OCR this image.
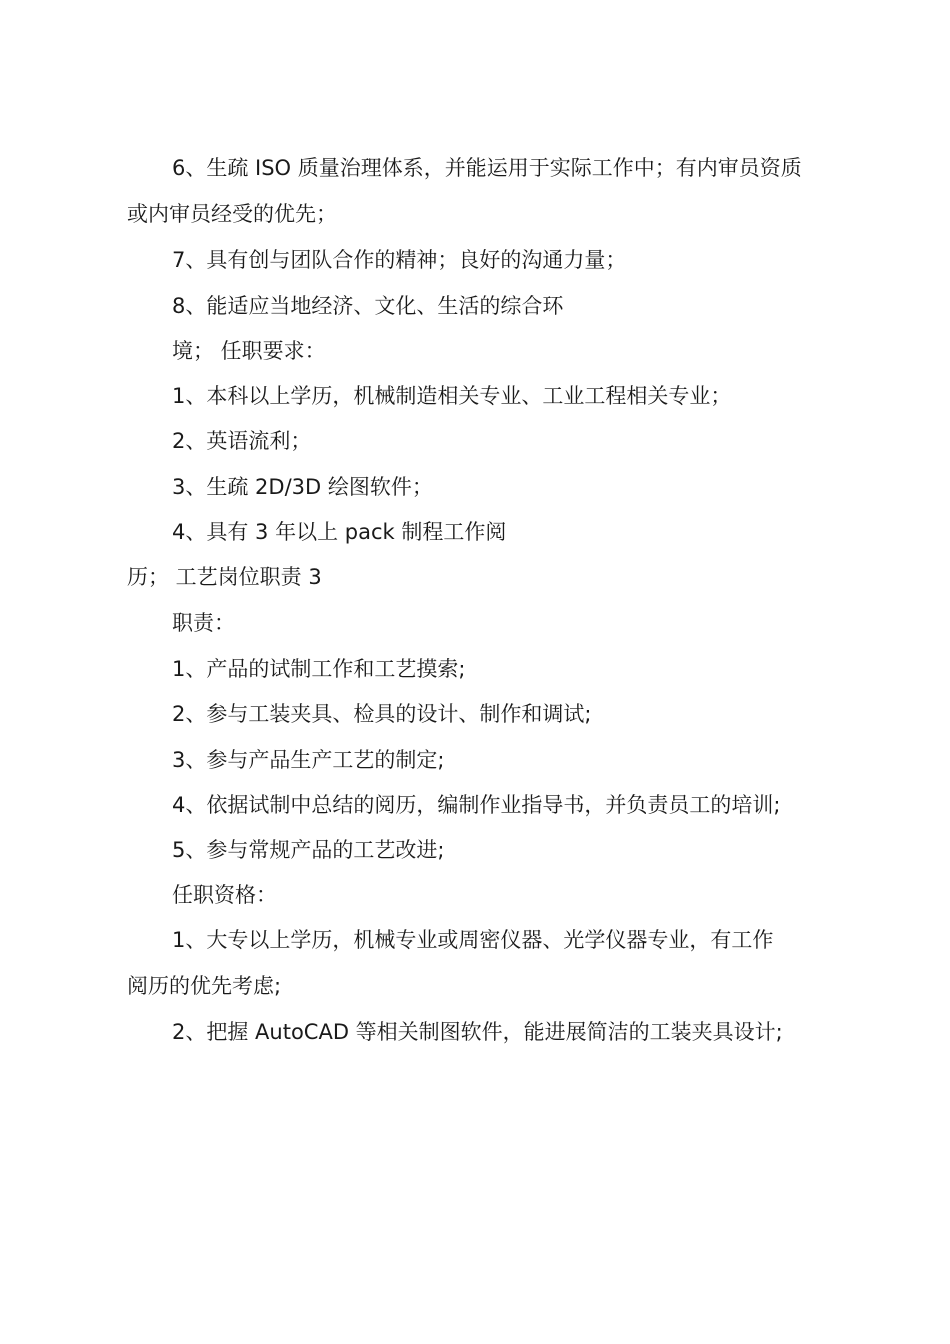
6、生疏 ISO 质量治理体系，并能运用于实际工作中；有内审员资质
或内审员经受的优先；
7、具有创与团队合作的精神；良好的沟通力量；
8、能适应当地经济、文化、生活的综合环
境； 任职要求：
1、本科以上学历，机械制造相关专业、工业工程相关专业；
2、英语流利；
3、生疏 2D/3D 绘图软件；
4、具有 3 年以上 pack 制程工作阅
历； 工艺岗位职责 3
职责：
1、产品的试制工作和工艺摸索;
2、参与工装夹具、检具的设计、制作和调试;
3、参与产品生产工艺的制定;
4、依据试制中总结的阅历，编制作业指导书，并负责员工的培训;
5、参与常规产品的工艺改进;
任职资格：
1、大专以上学历，机械专业或周密仪器、光学仪器专业，有工作
阅历的优先考虑;
2、把握 AutoCAD 等相关制图软件，能进展简洁的工装夹具设计;
